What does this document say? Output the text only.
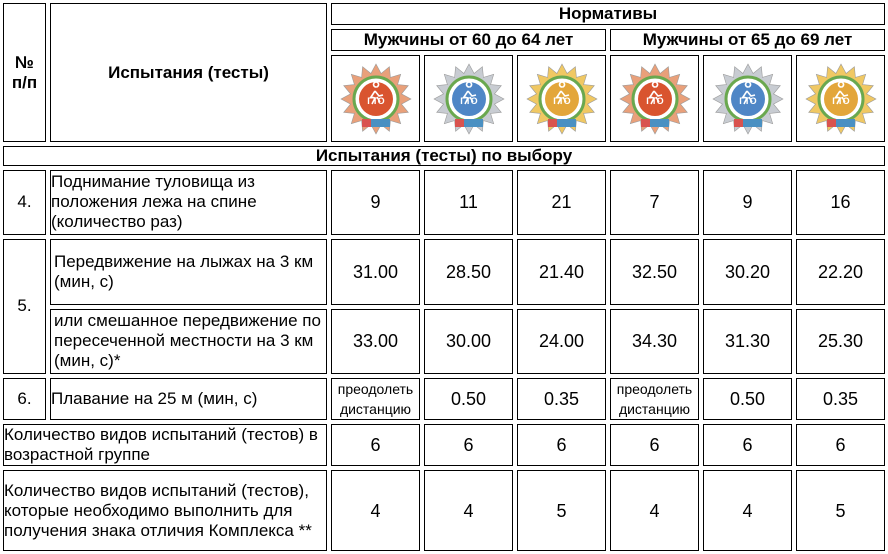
№
п/п	Испытания (тесты)	Нормативы					
		Мужчины от 60 до 64 лет			Мужчины от 65 до 69 лет		

ГТО	ГТО	ГТО	ГТО	ГТО	ГТО

Испытания (тесты) по выбору							
4.	Поднимание туловища из положения лежа на спине (количество раз)	9	11	21	7	9	16
5.	Передвижение на лыжах на 3 км (мин, с)	31.00	28.50	21.40	32.50	30.20	22.20
	или смешанное передвижение по пересеченной местности на 3 км (мин, с)*	33.00	30.00	24.00	34.30	31.30	25.30
6.	Плавание на 25 м (мин, с)	преодолеть дистанцию	0.50	0.35	преодолеть дистанцию	0.50	0.35
Количество видов испытаний (тестов) в возрастной группе		6	6	6	6	6	6
Количество видов испытаний (тестов), которые необходимо выполнить для получения знака отличия Комплекса **		4	4	5	4	4	5
